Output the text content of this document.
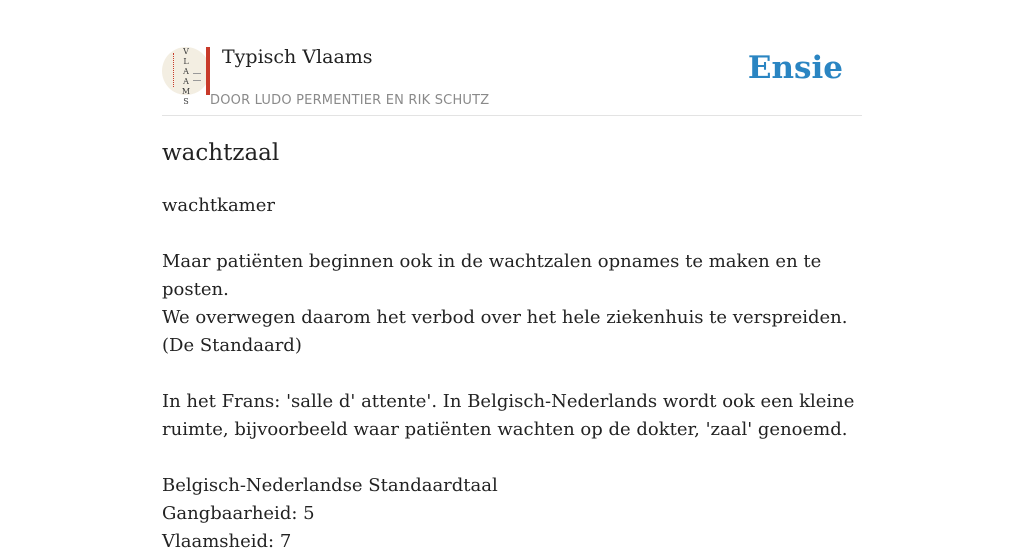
V
L
A
A
M
S
Typisch Vlaams
DOOR LUDO PERMENTIER EN RIK SCHUTZ
Ensie
wachtzaal

wachtkamer

Maar patiënten beginnen ook in de wachtzalen opnames te maken en te posten.

We overwegen daarom het verbod over het hele ziekenhuis te verspreiden.

(De Standaard)

In het Frans: 'salle d' attente'. In Belgisch-Nederlands wordt ook een kleine

ruimte, bijvoorbeeld waar patiënten wachten op de dokter, 'zaal' genoemd.

Belgisch-Nederlandse Standaardtaal

Gangbaarheid: 5

Vlaamsheid: 7
